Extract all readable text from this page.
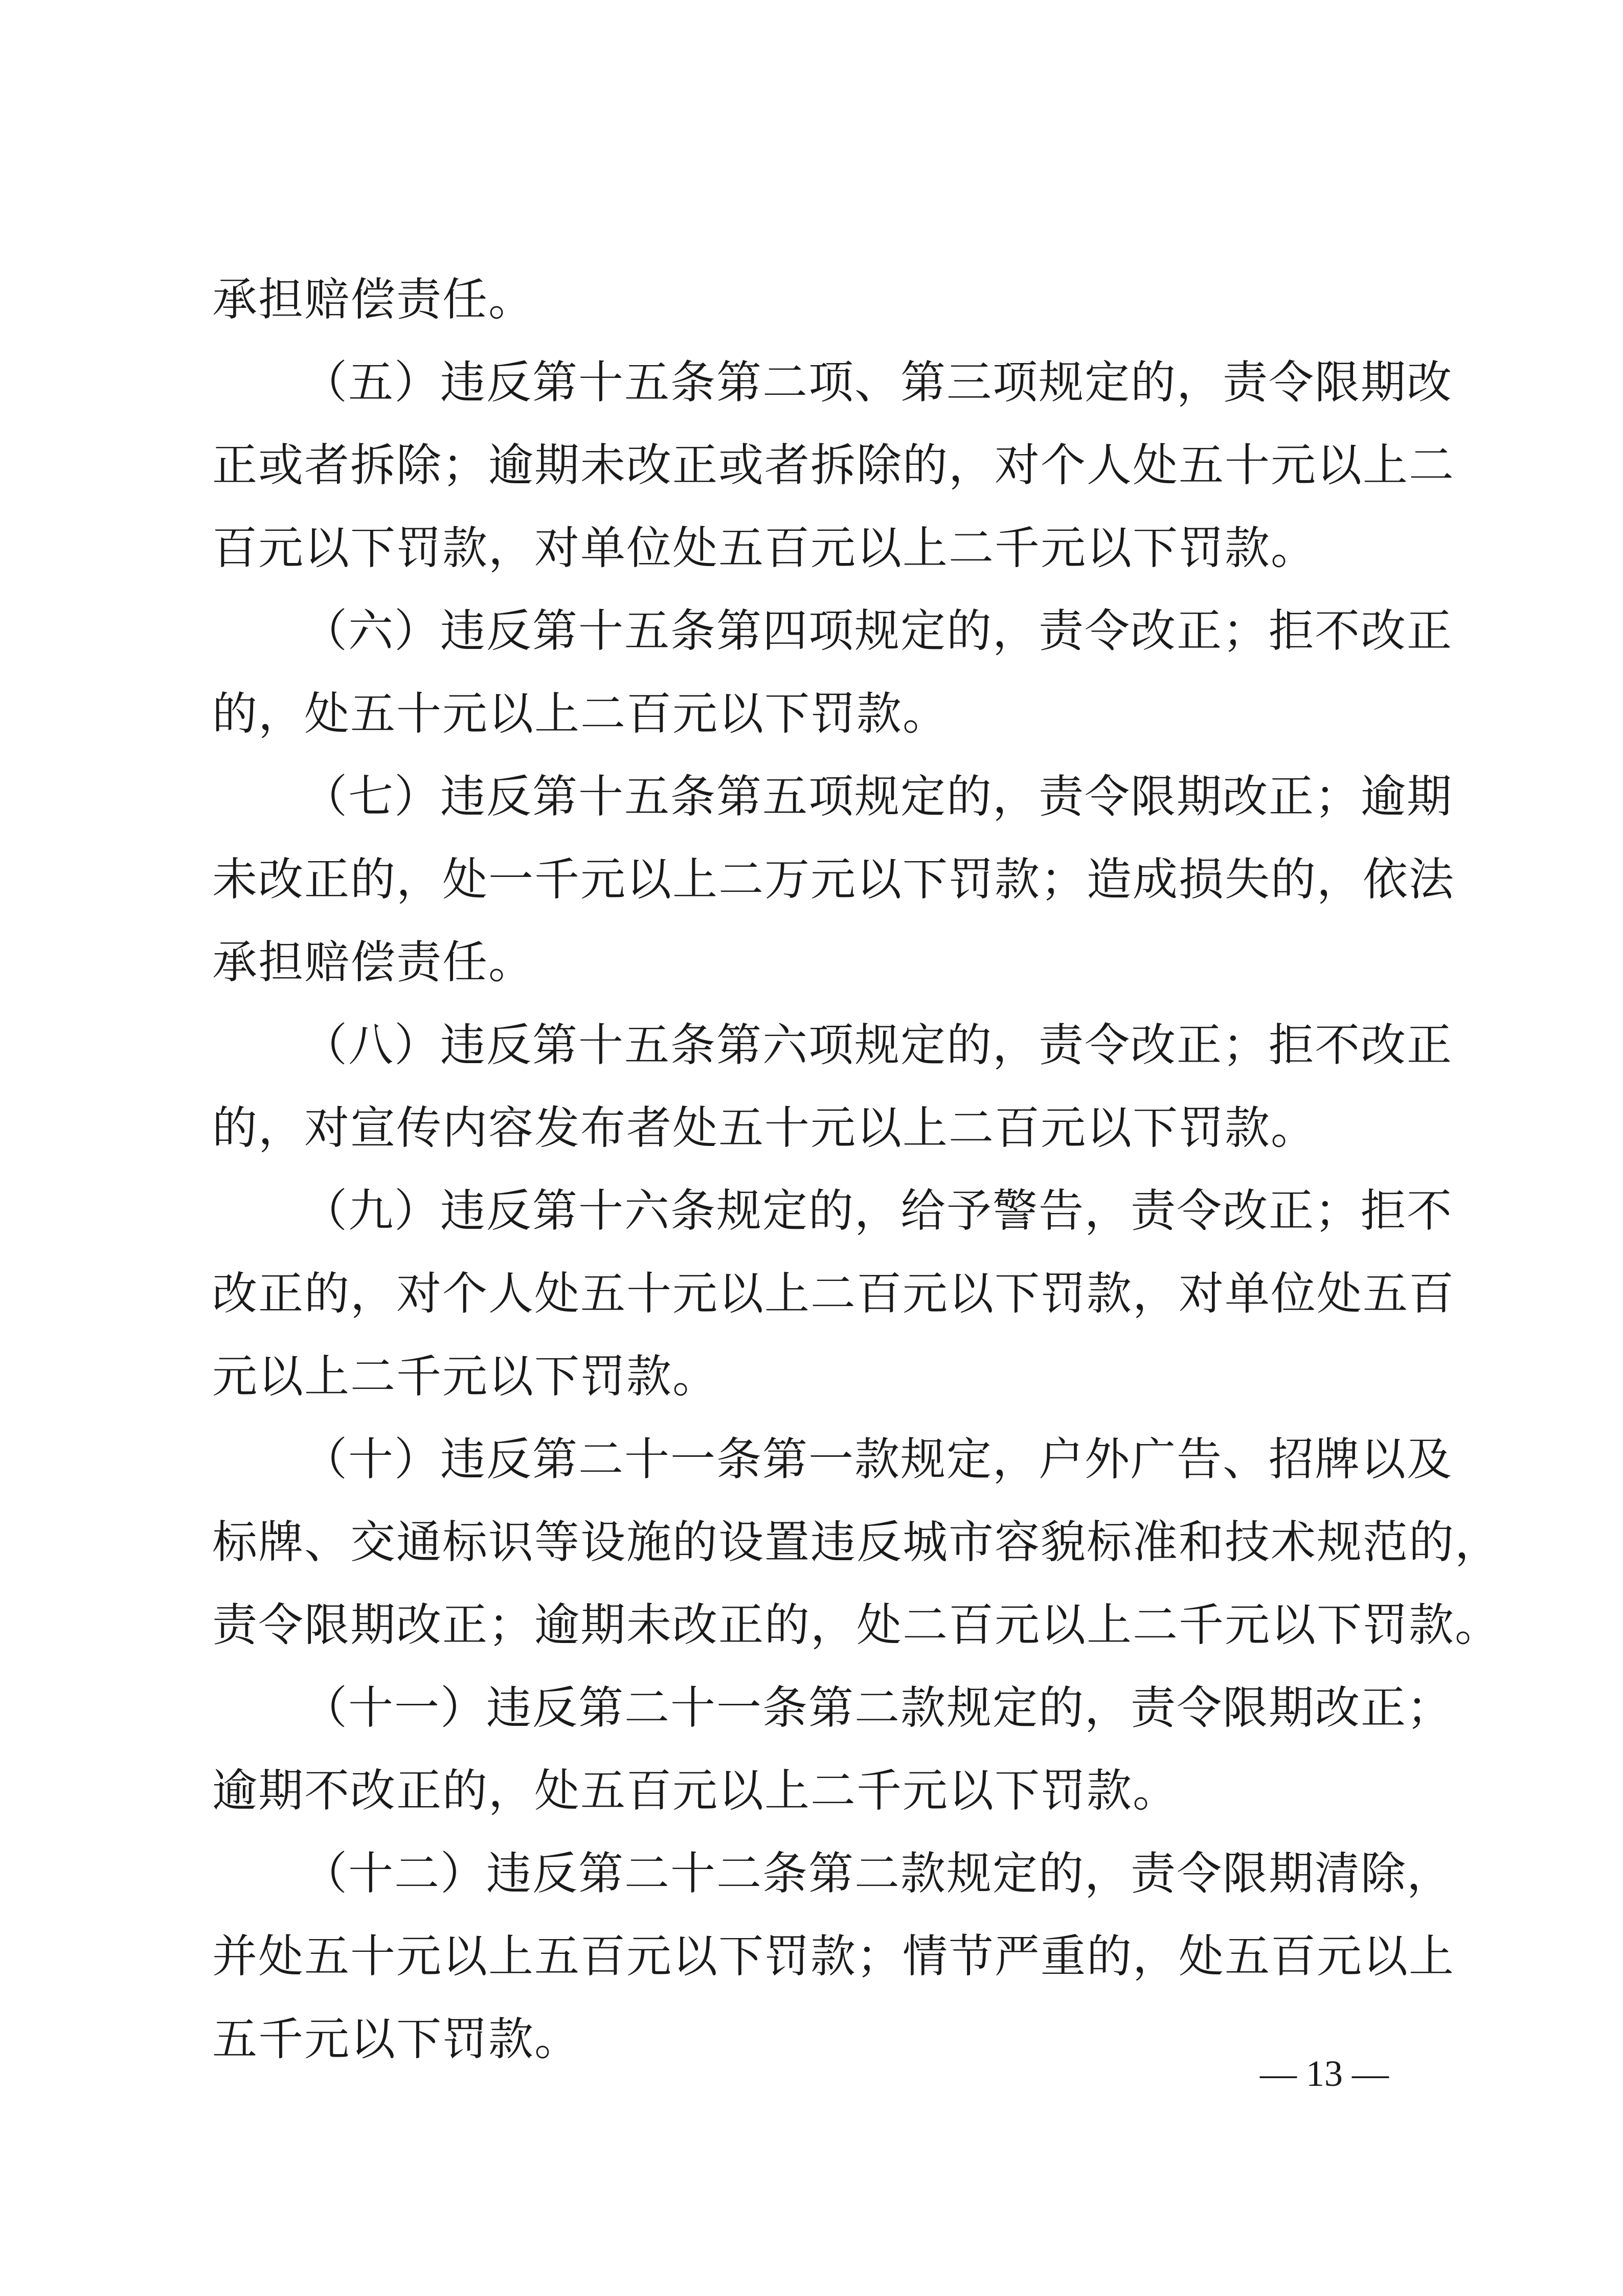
承担赔偿责任。
（五）违反第十五条第二项、第三项规定的，责令限期改
正或者拆除；逾期未改正或者拆除的，对个人处五十元以上二
百元以下罚款，对单位处五百元以上二千元以下罚款。
（六）违反第十五条第四项规定的，责令改正；拒不改正
的，处五十元以上二百元以下罚款。
（七）违反第十五条第五项规定的，责令限期改正；逾期
未改正的，处一千元以上二万元以下罚款；造成损失的，依法
承担赔偿责任。
（八）违反第十五条第六项规定的，责令改正；拒不改正
的，对宣传内容发布者处五十元以上二百元以下罚款。
（九）违反第十六条规定的，给予警告，责令改正；拒不
改正的，对个人处五十元以上二百元以下罚款，对单位处五百
元以上二千元以下罚款。
（十）违反第二十一条第一款规定，户外广告、招牌以及
标牌、交通标识等设施的设置违反城市容貌标准和技术规范的，
责令限期改正；逾期未改正的，处二百元以上二千元以下罚款。
（十一）违反第二十一条第二款规定的，责令限期改正；
逾期不改正的，处五百元以上二千元以下罚款。
（十二）违反第二十二条第二款规定的，责令限期清除，
并处五十元以上五百元以下罚款；情节严重的，处五百元以上
五千元以下罚款。
— 13 —
